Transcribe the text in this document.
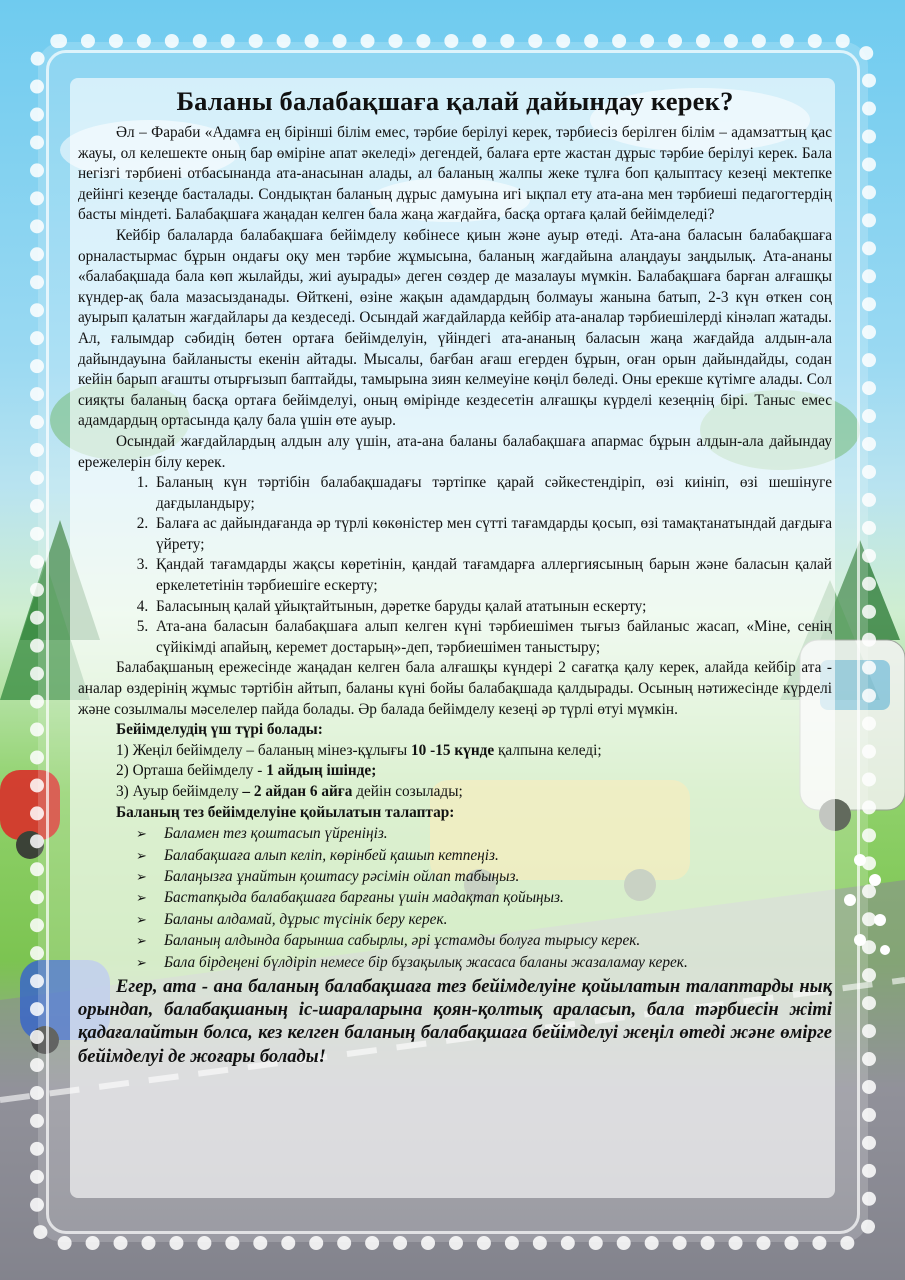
Баланы балабақшаға қалай дайындау керек?

Әл – Фараби «Адамға ең бірінші білім емес, тәрбие берілуі керек, тәрбиесіз берілген білім – адамзаттың қас жауы, ол келешекте оның бар өміріне апат әкеледі» дегендей, балаға ерте жастан дұрыс тәрбие берілуі керек. Бала негізгі тәрбиені отбасынанда ата-анасынан алады, ал баланың жалпы жеке тұлға боп қалыптасу кезеңі мектепке дейінгі кезеңде басталады. Сондықтан баланың дұрыс дамуына игі ықпал ету ата-ана мен тәрбиеші педагогтердің басты міндеті. Балабақшаға жаңадан келген бала жаңа жағдайға, басқа ортаға қалай бейімделеді?

Кейбір балаларда балабақшаға бейімделу көбінесе қиын және ауыр өтеді. Ата-ана баласын балабақшаға орналастырмас бұрын ондағы оқу мен тәрбие жұмысына, баланың жағдайына алаңдауы заңдылық. Ата-ананы «балабақшада бала көп жылайды, жиі ауырады» деген сөздер де мазалауы мүмкін. Балабақшаға барған алғашқы күндер-ақ бала мазасызданады. Өйткені, өзіне жақын адамдардың болмауы жанына батып, 2-3 күн өткен соң ауырып қалатын жағдайлары да кездеседі. Осындай жағдайларда кейбір ата-аналар тәрбиешілерді кінәлап жатады. Ал, ғалымдар сәбидің бөтен ортаға бейімделуін, үйіндегі ата-ананың баласын жаңа жағдайда алдын-ала дайындауына байланысты екенін айтады. Мысалы, бағбан ағаш егерден бұрын, оған орын дайындайды, содан кейін барып ағашты отырғызып баптайды, тамырына зиян келмеуіне көңіл бөледі. Оны ерекше күтімге алады. Сол сияқты баланың басқа ортаға бейімделуі, оның өмірінде кездесетін алғашқы күрделі кезеңнің бірі. Таныс емес адамдардың ортасында қалу бала үшін өте ауыр.

Осындай жағдайлардың алдын алу үшін, ата-ана баланы балабақшаға апармас бұрын алдын-ала дайындау ережелерін білу керек.

1. Баланың күн тәртібін балабақшадағы тәртіпке қарай сәйкестендіріп, өзі киініп, өзі шешінуге дағдыландыру;
2. Балаға ас дайындағанда әр түрлі көкөністер мен сүтті тағамдарды қосып, өзі тамақтанатындай дағдыға үйрету;
3. Қандай тағамдарды жақсы көретінін, қандай тағамдарға аллергиясының барын және баласын қалай еркелететінін тәрбиешіге ескерту;
4. Баласының қалай ұйықтайтынын, дәретке баруды қалай ататынын ескерту;
5. Ата-ана баласын балабақшаға алып келген күні тәрбиешімен тығыз байланыс жасап, «Міне, сенің сүйікімді апайың, керемет достарың»-деп, тәрбиешімен таныстыру;

Балабақшаның ережесінде жаңадан келген бала алғашқы күндері 2 сағатқа қалу керек, алайда кейбір ата - аналар өздерінің жұмыс тәртібін айтып, баланы күні бойы балабақшада қалдырады. Осының нәтижесінде күрделі және созылмалы мәселелер пайда болады. Әр балада бейімделу кезеңі әр түрлі өтуі мүмкін.

Бейімделудің үш түрі болады:
1) Жеңіл бейімделу – баланың мінез-құлығы 10 -15 күнде қалпына келеді;
2) Орташа бейімделу - 1 айдың ішінде;
3) Ауыр бейімделу – 2 айдан 6 айға дейін созылады;
Баланың тез бейімделуіне қойылатын талаптар:
➢ Баламен тез қоштасып үйреніңіз.
➢ Балабақшаға алып келіп, көрінбей қашып кетпеңіз.
➢ Балаңызға ұнайтын қоштасу рәсімін ойлап табыңыз.
➢ Бастапқыда балабақшаға барғаны үшін мадақтап қойыңыз.
➢ Баланы алдамай, дұрыс түсінік беру керек.
➢ Баланың алдында барынша сабырлы, әрі ұстамды болуға тырысу керек.
➢ Бала бірдеңені бүлдіріп немесе бір бұзақылық жасаса баланы жазаламау керек.

Егер, ата - ана баланың балабақшаға тез бейімделуіне қойылатын талаптарды нық орындап, балабақшаның іс-шараларына қоян-қолтық араласып, бала тәрбиесін жіті қадағалайтын болса, кез келген баланың балабақшаға бейімделуі жеңіл өтеді және өмірге бейімделуі де жоғары болады!
